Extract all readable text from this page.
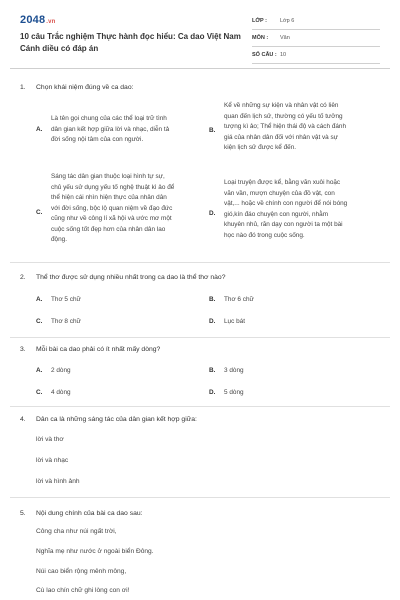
2048.vn
10 câu Trắc nghiệm Thực hành đọc hiểu: Ca dao Việt Nam Cánh diều có đáp án
LỚP :	Lớp 6
MÔN :	Văn
SỐ CÂU : 10
1. Chọn khái niệm đúng về ca dao:
A.
Là tên gọi chung của các thể loại trữ tình
dân gian kết hợp giữa lời và nhạc, diễn tả
đời sống nội tâm của con người.
B.
Kể về những sự kiện và nhân vật có liên
quan đến lịch sử, thường có yếu tố tưởng
tượng kì ảo; Thể hiện thái độ và cách đánh
giá của nhân dân đối với nhân vật và sự
kiện lịch sử được kể đến.
C.
Sáng tác dân gian thuộc loại hình tự sự,
chủ yếu sử dụng yếu tố nghệ thuật kì ảo để
thể hiện cái nhìn hiện thực của nhân dân
với đời sống, bộc lộ quan niệm về đạo đức
cũng như về công lí xã hội và ước mơ một
cuộc sống tốt đẹp hơn của nhân dân lao
động.
D.
Loại truyện được kể, bằng văn xuôi hoặc
văn vần, mượn chuyện của đồ vật, con
vật,... hoặc về chính con người để nói bóng
gió,kín đáo chuyện con người, nhằm
khuyên nhủ, răn dạy con người ta một bài
học nào đó trong cuộc sống.
2. Thể thơ được sử dụng nhiều nhất trong ca dao là thể thơ nào?
A. Thơ 5 chữ	B. Thơ 6 chữ
C. Thơ 8 chữ	D. Lục bát
3. Mỗi bài ca dao phải có ít nhất mấy dòng?
A. 2 dòng	B. 3 dòng
C. 4 dòng	D. 5 dòng
4. Dân ca là những sáng tác của dân gian kết hợp giữa:
lời và thơ
lời và nhạc
lời và hình ảnh
5. Nội dung chính của bài ca dao sau:
Công cha như núi ngất trời,
Nghĩa mẹ như nước ở ngoài biển Đông.
Núi cao biển rộng mênh mông,
Cù lao chín chữ ghi lòng con ơi!
